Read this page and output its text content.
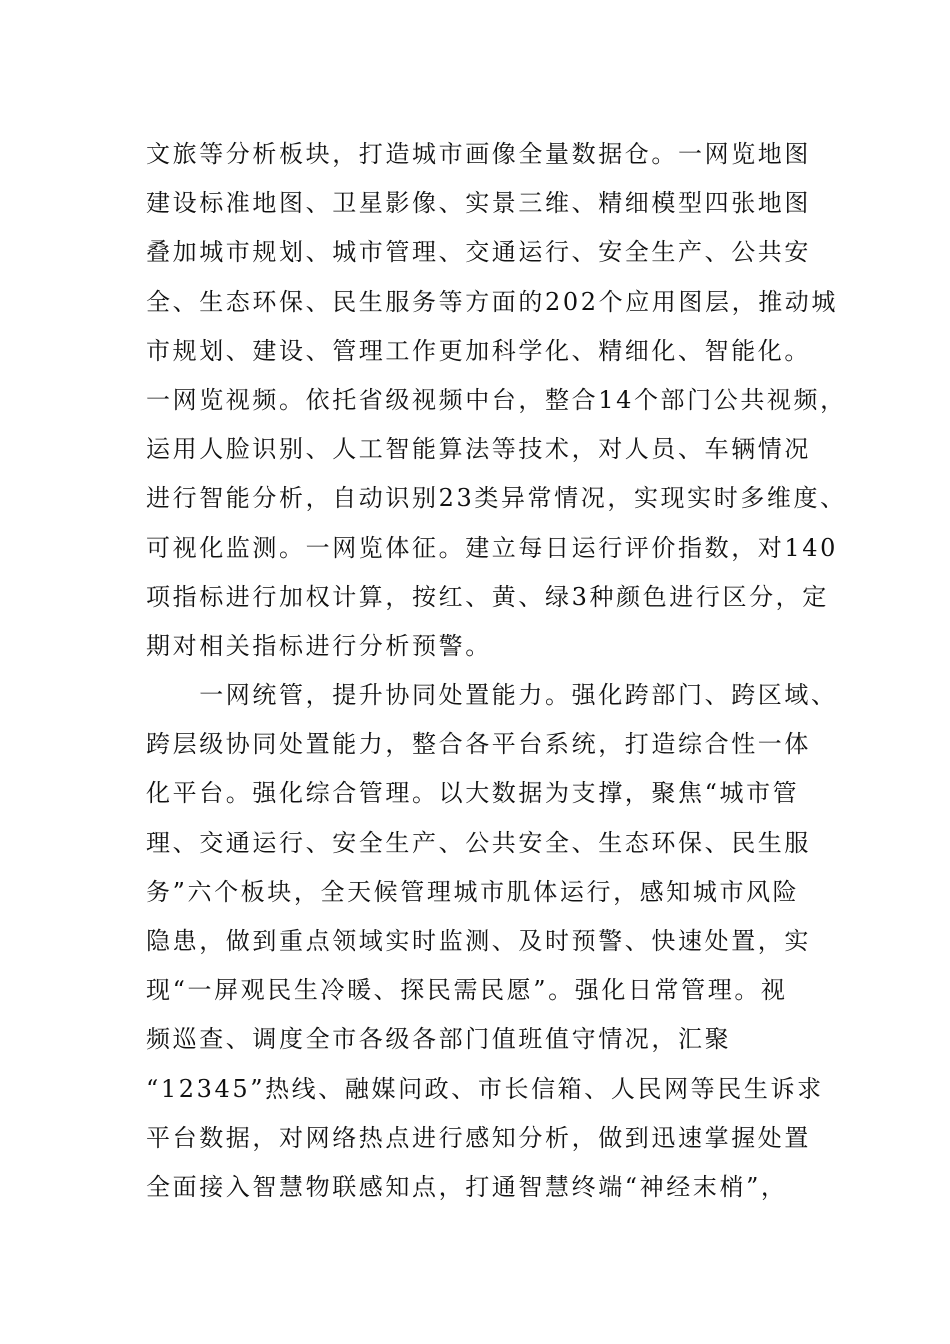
文旅等分析板块，打造城市画像全量数据仓。一网览地图
建设标准地图、卫星影像、实景三维、精细模型四张地图
叠加城市规划、城市管理、交通运行、安全生产、公共安
全、生态环保、民生服务等方面的202个应用图层，推动城
市规划、建设、管理工作更加科学化、精细化、智能化。
一网览视频。依托省级视频中台，整合14个部门公共视频，
运用人脸识别、人工智能算法等技术，对人员、车辆情况
进行智能分析，自动识别23类异常情况，实现实时多维度、
可视化监测。一网览体征。建立每日运行评价指数，对140
项指标进行加权计算，按红、黄、绿3种颜色进行区分，定
期对相关指标进行分析预警。
　　一网统管，提升协同处置能力。强化跨部门、跨区域、
跨层级协同处置能力，整合各平台系统，打造综合性一体
化平台。强化综合管理。以大数据为支撑，聚焦“城市管
理、交通运行、安全生产、公共安全、生态环保、民生服
务”六个板块，全天候管理城市肌体运行，感知城市风险
隐患，做到重点领域实时监测、及时预警、快速处置，实
现“一屏观民生冷暖、探民需民愿”。强化日常管理。视
频巡查、调度全市各级各部门值班值守情况，汇聚
“12345”热线、融媒问政、市长信箱、人民网等民生诉求
平台数据，对网络热点进行感知分析，做到迅速掌握处置
全面接入智慧物联感知点，打通智慧终端“神经末梢”，
